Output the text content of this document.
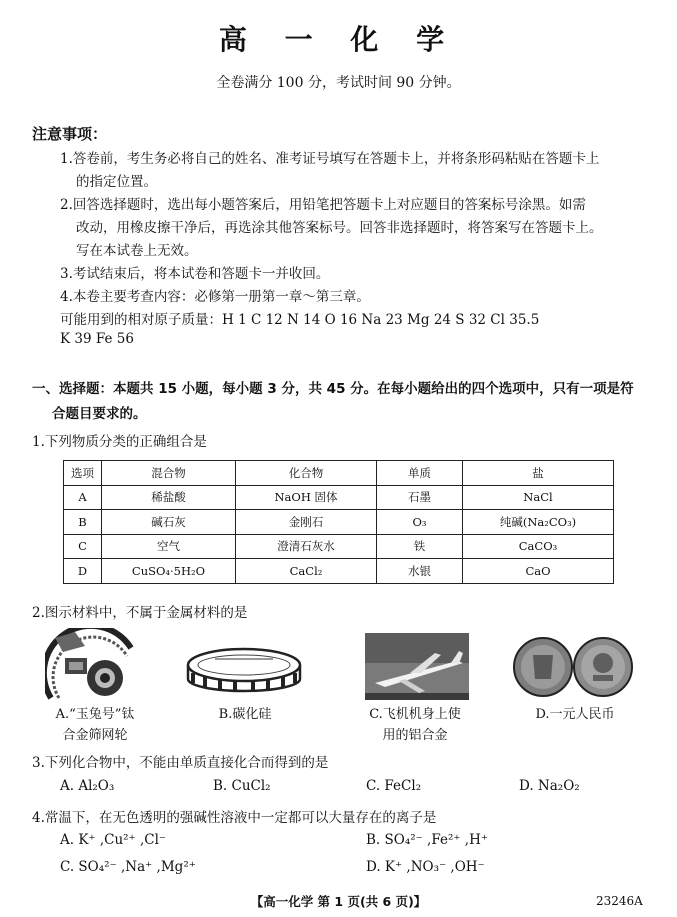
高 一 化 学
全卷满分 100 分，考试时间 90 分钟。
注意事项：
1.答卷前，考生务必将自己的姓名、准考证号填写在答题卡上，并将条形码粘贴在答题卡上
的指定位置。
2.回答选择题时，选出每小题答案后，用铅笔把答题卡上对应题目的答案标号涂黑。如需
改动，用橡皮擦干净后，再选涂其他答案标号。回答非选择题时，将答案写在答题卡上。
写在本试卷上无效。
3.考试结束后，将本试卷和答题卡一并收回。
4.本卷主要考查内容：必修第一册第一章～第三章。
可能用到的相对原子质量：H 1 C 12 N 14 O 16 Na 23 Mg 24 S 32 Cl 35.5
K 39 Fe 56
一、选择题：本题共 15 小题，每小题 3 分，共 45 分。在每小题给出的四个选项中，只有一项是符
合题目要求的。
1.下列物质分类的正确组合是
选项	混合物	化合物	单质	盐
A	稀盐酸	NaOH 固体	石墨	NaCl
B	碱石灰	金刚石	O₃	纯碱(Na₂CO₃)
C	空气	澄清石灰水	铁	CaCO₃
D	CuSO₄·5H₂O	CaCl₂	水银	CaO
2.图示材料中，不属于金属材料的是
A.“玉兔号”钛
合金筛网轮
B.碳化硅	C.飞机机身上使
用的铝合金
D.一元人民币
3.下列化合物中，不能由单质直接化合而得到的是
A. Al₂O₃	B. CuCl₂	C. FeCl₂	D. Na₂O₂
4.常温下，在无色透明的强碱性溶液中一定都可以大量存在的离子是
A. K⁺ ,Cu²⁺ ,Cl⁻	B. SO₄²⁻ ,Fe²⁺ ,H⁺
C. SO₄²⁻ ,Na⁺ ,Mg²⁺	D. K⁺ ,NO₃⁻ ,OH⁻
【高一化学 第 1 页(共 6 页)】	23246A
